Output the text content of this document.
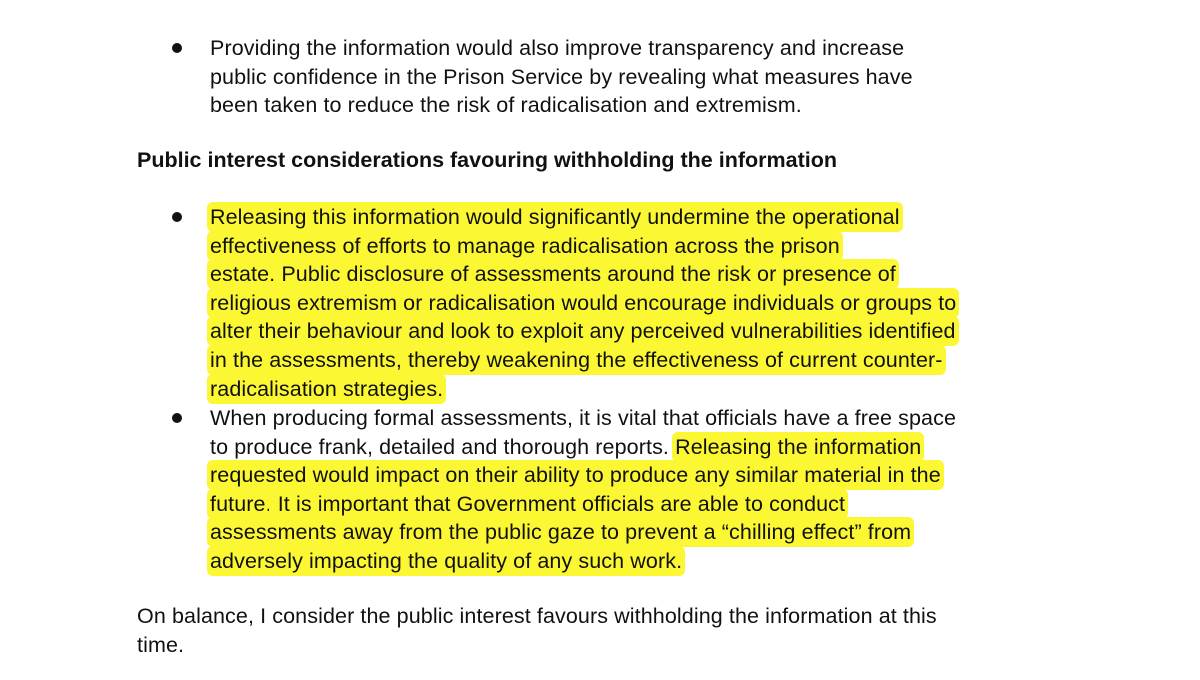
Providing the information would also improve transparency and increase
public confidence in the Prison Service by revealing what measures have
been taken to reduce the risk of radicalisation and extremism.
Public interest considerations favouring withholding the information
Releasing this information would significantly undermine the operational
effectiveness of efforts to manage radicalisation across the prison
estate. Public disclosure of assessments around the risk or presence of
religious extremism or radicalisation would encourage individuals or groups to
alter their behaviour and look to exploit any perceived vulnerabilities identified
in the assessments, thereby weakening the effectiveness of current counter-
radicalisation strategies.
When producing formal assessments, it is vital that officials have a free space
to produce frank, detailed and thorough reports. Releasing the information
requested would impact on their ability to produce any similar material in the
future. It is important that Government officials are able to conduct
assessments away from the public gaze to prevent a “chilling effect” from
adversely impacting the quality of any such work.
On balance, I consider the public interest favours withholding the information at this
time.
